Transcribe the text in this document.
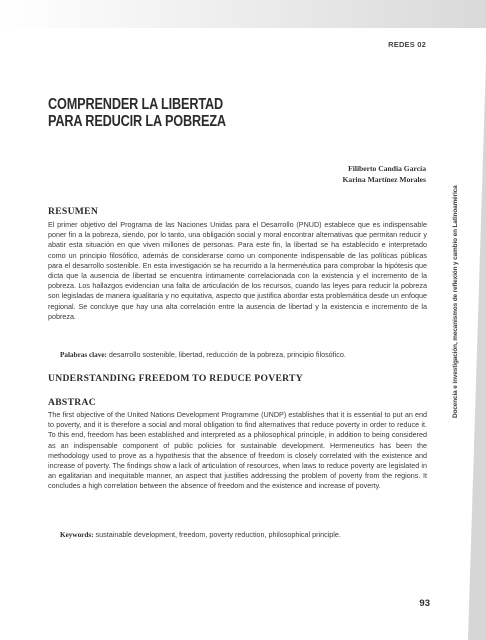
REDES 02
COMPRENDER LA LIBERTAD
PARA REDUCIR LA POBREZA
Filiberto Candia García
Karina Martínez Morales
RESUMEN

El primer objetivo del Programa de las Naciones Unidas para el Desarrollo (PNUD) establece que es indispensable poner fin a la pobreza, siendo, por lo tanto, una obligación social y moral encontrar alternativas que permitan reducir y abatir esta situación en que viven millones de personas. Para este fin, la libertad se ha establecido e interpretado como un principio filosófico, además de considerarse como un componente indispensable de las políticas públicas para el desarrollo sostenible. En esta investigación se ha recurrido a la hermenéutica para comprobar la hipótesis que dicta que la ausencia de libertad se encuentra íntimamente correlacionada con la existencia y el incremento de la pobreza. Los hallazgos evidencian una falta de articulación de los recursos, cuando las leyes para reducir la pobreza son legisladas de manera igualitaria y no equitativa, aspecto que justifica abordar esta problemática desde un enfoque regional. Se concluye que hay una alta correlación entre la ausencia de libertad y la existencia e incremento de la pobreza.

Palabras clave: desarrollo sostenible, libertad, reducción de la pobreza, principio filosófico.

UNDERSTANDING FREEDOM TO REDUCE POVERTY
ABSTRAC

The first objective of the United Nations Development Programme (UNDP) establishes that it is essential to put an end to poverty, and it is therefore a social and moral obligation to find alternatives that reduce poverty in order to reduce it. To this end, freedom has been established and interpreted as a philosophical principle, in addition to being considered as an indispensable component of public policies for sustainable development. Hermeneutics has been the methodology used to prove as a hypothesis that the absence of freedom is closely correlated with the existence and increase of poverty. The findings show a lack of articulation of resources, when laws to reduce poverty are legislated in an egalitarian and inequitable manner, an aspect that justifies addressing the problem of poverty from the regions. It concludes a high correlation between the absence of freedom and the existence and increase of poverty.

Keywords: sustainable development, freedom, poverty reduction, philosophical principle.

Docencia e investigación, mecanismos de reflexión y cambio en Latinoamérica
93
